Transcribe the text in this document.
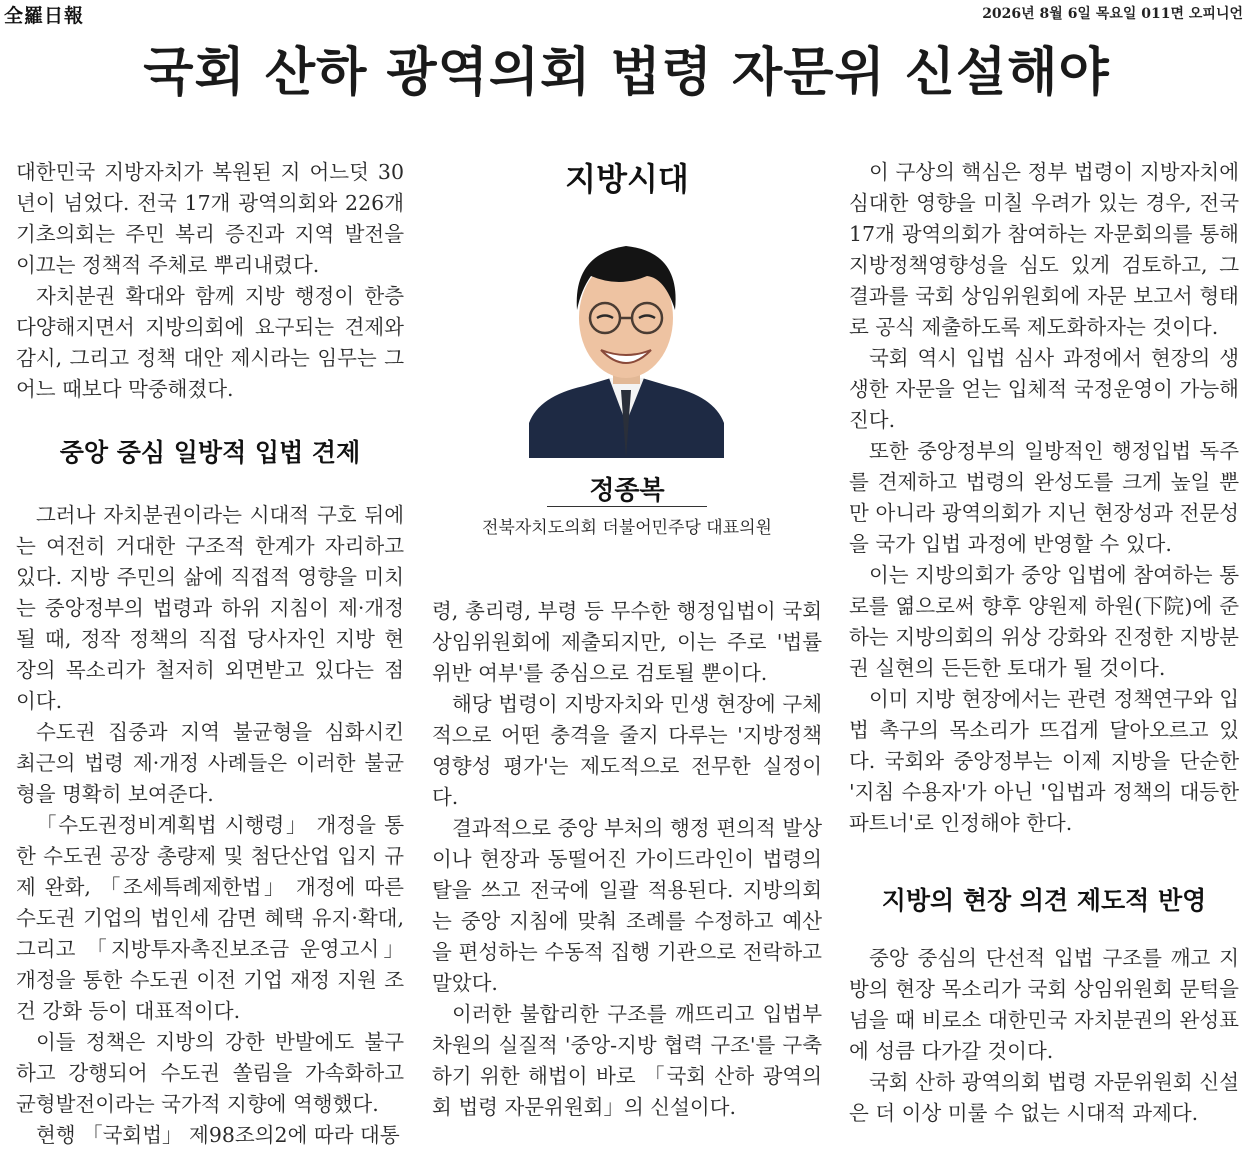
全羅日報	2026년 8월 6일 목요일 011면 오피니언
국회 산하 광역의회 법령 자문위 신설해야

대한민국 지방자치가 복원된 지 어느덧 30년이 넘었다. 전국 17개 광역의회와 226개 기초의회는 주민 복리 증진과 지역 발전을 이끄는 정책적 주체로 뿌리내렸다.

자치분권 확대와 함께 지방 행정이 한층 다양해지면서 지방의회에 요구되는 견제와 감시, 그리고 정책 대안 제시라는 임무는 그 어느 때보다 막중해졌다.

중앙 중심 일방적 입법 견제

그러나 자치분권이라는 시대적 구호 뒤에는 여전히 거대한 구조적 한계가 자리하고 있다. 지방 주민의 삶에 직접적 영향을 미치는 중앙정부의 법령과 하위 지침이 제·개정될 때, 정작 정책의 직접 당사자인 지방 현장의 목소리가 철저히 외면받고 있다는 점이다.

수도권 집중과 지역 불균형을 심화시킨 최근의 법령 제·개정 사례들은 이러한 불균형을 명확히 보여준다.

「수도권정비계획법 시행령」 개정을 통한 수도권 공장 총량제 및 첨단산업 입지 규제 완화, 「조세특례제한법」 개정에 따른 수도권 기업의 법인세 감면 혜택 유지·확대, 그리고 「지방투자촉진보조금 운영고시」 개정을 통한 수도권 이전 기업 재정 지원 조건 강화 등이 대표적이다.

이들 정책은 지방의 강한 반발에도 불구하고 강행되어 수도권 쏠림을 가속화하고 균형발전이라는 국가적 지향에 역행했다.

현행 「국회법」 제98조의2에 따라 대통

지방시대
정종복
전북자치도의회 더불어민주당 대표의원

령, 총리령, 부령 등 무수한 행정입법이 국회 상임위원회에 제출되지만, 이는 주로 '법률 위반 여부'를 중심으로 검토될 뿐이다.

해당 법령이 지방자치와 민생 현장에 구체적으로 어떤 충격을 줄지 다루는 '지방정책영향성 평가'는 제도적으로 전무한 실정이다.

결과적으로 중앙 부처의 행정 편의적 발상이나 현장과 동떨어진 가이드라인이 법령의 탈을 쓰고 전국에 일괄 적용된다. 지방의회는 중앙 지침에 맞춰 조례를 수정하고 예산을 편성하는 수동적 집행 기관으로 전락하고 말았다.

이러한 불합리한 구조를 깨뜨리고 입법부 차원의 실질적 '중앙-지방 협력 구조'를 구축하기 위한 해법이 바로 「국회 산하 광역의회 법령 자문위원회」의 신설이다.

이 구상의 핵심은 정부 법령이 지방자치에 심대한 영향을 미칠 우려가 있는 경우, 전국 17개 광역의회가 참여하는 자문회의를 통해 지방정책영향성을 심도 있게 검토하고, 그 결과를 국회 상임위원회에 자문 보고서 형태로 공식 제출하도록 제도화하자는 것이다.

국회 역시 입법 심사 과정에서 현장의 생생한 자문을 얻는 입체적 국정운영이 가능해진다.

또한 중앙정부의 일방적인 행정입법 독주를 견제하고 법령의 완성도를 크게 높일 뿐만 아니라 광역의회가 지닌 현장성과 전문성을 국가 입법 과정에 반영할 수 있다.

이는 지방의회가 중앙 입법에 참여하는 통로를 엶으로써 향후 양원제 하원(下院)에 준하는 지방의회의 위상 강화와 진정한 지방분권 실현의 든든한 토대가 될 것이다.

이미 지방 현장에서는 관련 정책연구와 입법 촉구의 목소리가 뜨겁게 달아오르고 있다. 국회와 중앙정부는 이제 지방을 단순한 '지침 수용자'가 아닌 '입법과 정책의 대등한 파트너'로 인정해야 한다.

지방의 현장 의견 제도적 반영

중앙 중심의 단선적 입법 구조를 깨고 지방의 현장 목소리가 국회 상임위원회 문턱을 넘을 때 비로소 대한민국 자치분권의 완성표에 성큼 다가갈 것이다.

국회 산하 광역의회 법령 자문위원회 신설은 더 이상 미룰 수 없는 시대적 과제다.
